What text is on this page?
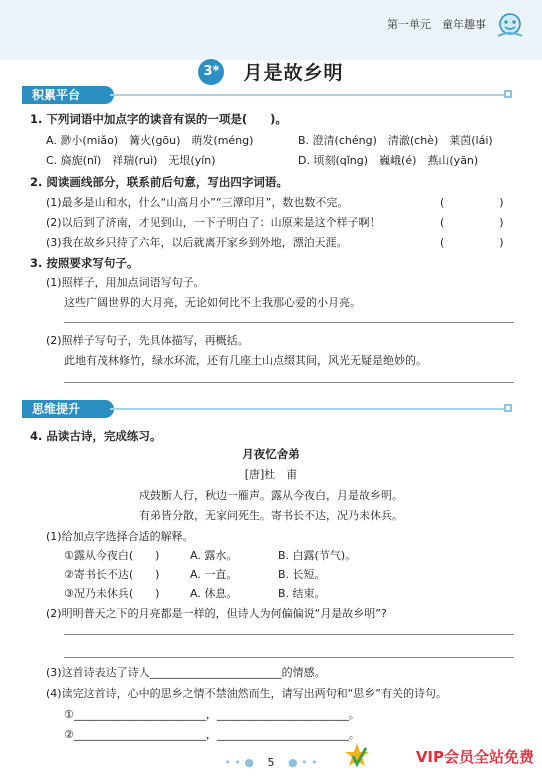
第一单元　童年趣事
3* 月是故乡明
积累平台
1. 下列词语中加点字的读音有误的一项是(　　)。
A. 渺小(miǎo)　篝火(gōu)　萌发(méng)	B. 澄清(chéng)　清澈(chè)　莱茵(lái)
C. 旖旎(nǐ)　祥瑞(ruì)　无垠(yín)	D. 顷刻(qǐng)　巍峨(é)　燕山(yān)
2. 阅读画线部分，联系前后句意，写出四字词语。
(1)最多是山和水，什么“山高月小”“三潭印月”，数也数不完。	(　　　　　)
(2)以后到了济南，才见到山，一下子明白了：山原来是这个样子啊！	(　　　　　)
(3)我在故乡只待了六年，以后就离开家乡到外地，漂泊天涯。	(　　　　　)
3. 按照要求写句子。
(1)照样子，用加点词语写句子。
这些广阔世界的大月亮，无论如何比不上我那心爱的小月亮。
(2)照样子写句子，先具体描写，再概括。
此地有茂林修竹，绿水环流，还有几座土山点缀其间，风光无疑是绝妙的。
思维提升
4. 品读古诗，完成练习。
月夜忆舍弟
[唐]杜　甫
戍鼓断人行，秋边一雁声。露从今夜白，月是故乡明。
有弟皆分散，无家问死生。寄书长不达，况乃未休兵。
(1)给加点字选择合适的解释。
①露从今夜白(　　)	A. 露水。	B. 白露(节气)。
②寄书长不达(　　)	A. 一直。	B. 长短。
③况乃未休兵(　　)	A. 休息。	B. 结束。
(2)明明普天之下的月亮都是一样的，但诗人为何偏偏说“月是故乡明”?
(3)这首诗表达了诗人________________________的情感。
(4)读完这首诗，心中的思乡之情不禁油然而生，请写出两句和“思乡”有关的诗句。
①________________________，________________________。
②________________________，________________________。
• • ● 5 ● • •	VIP会员全站免费
